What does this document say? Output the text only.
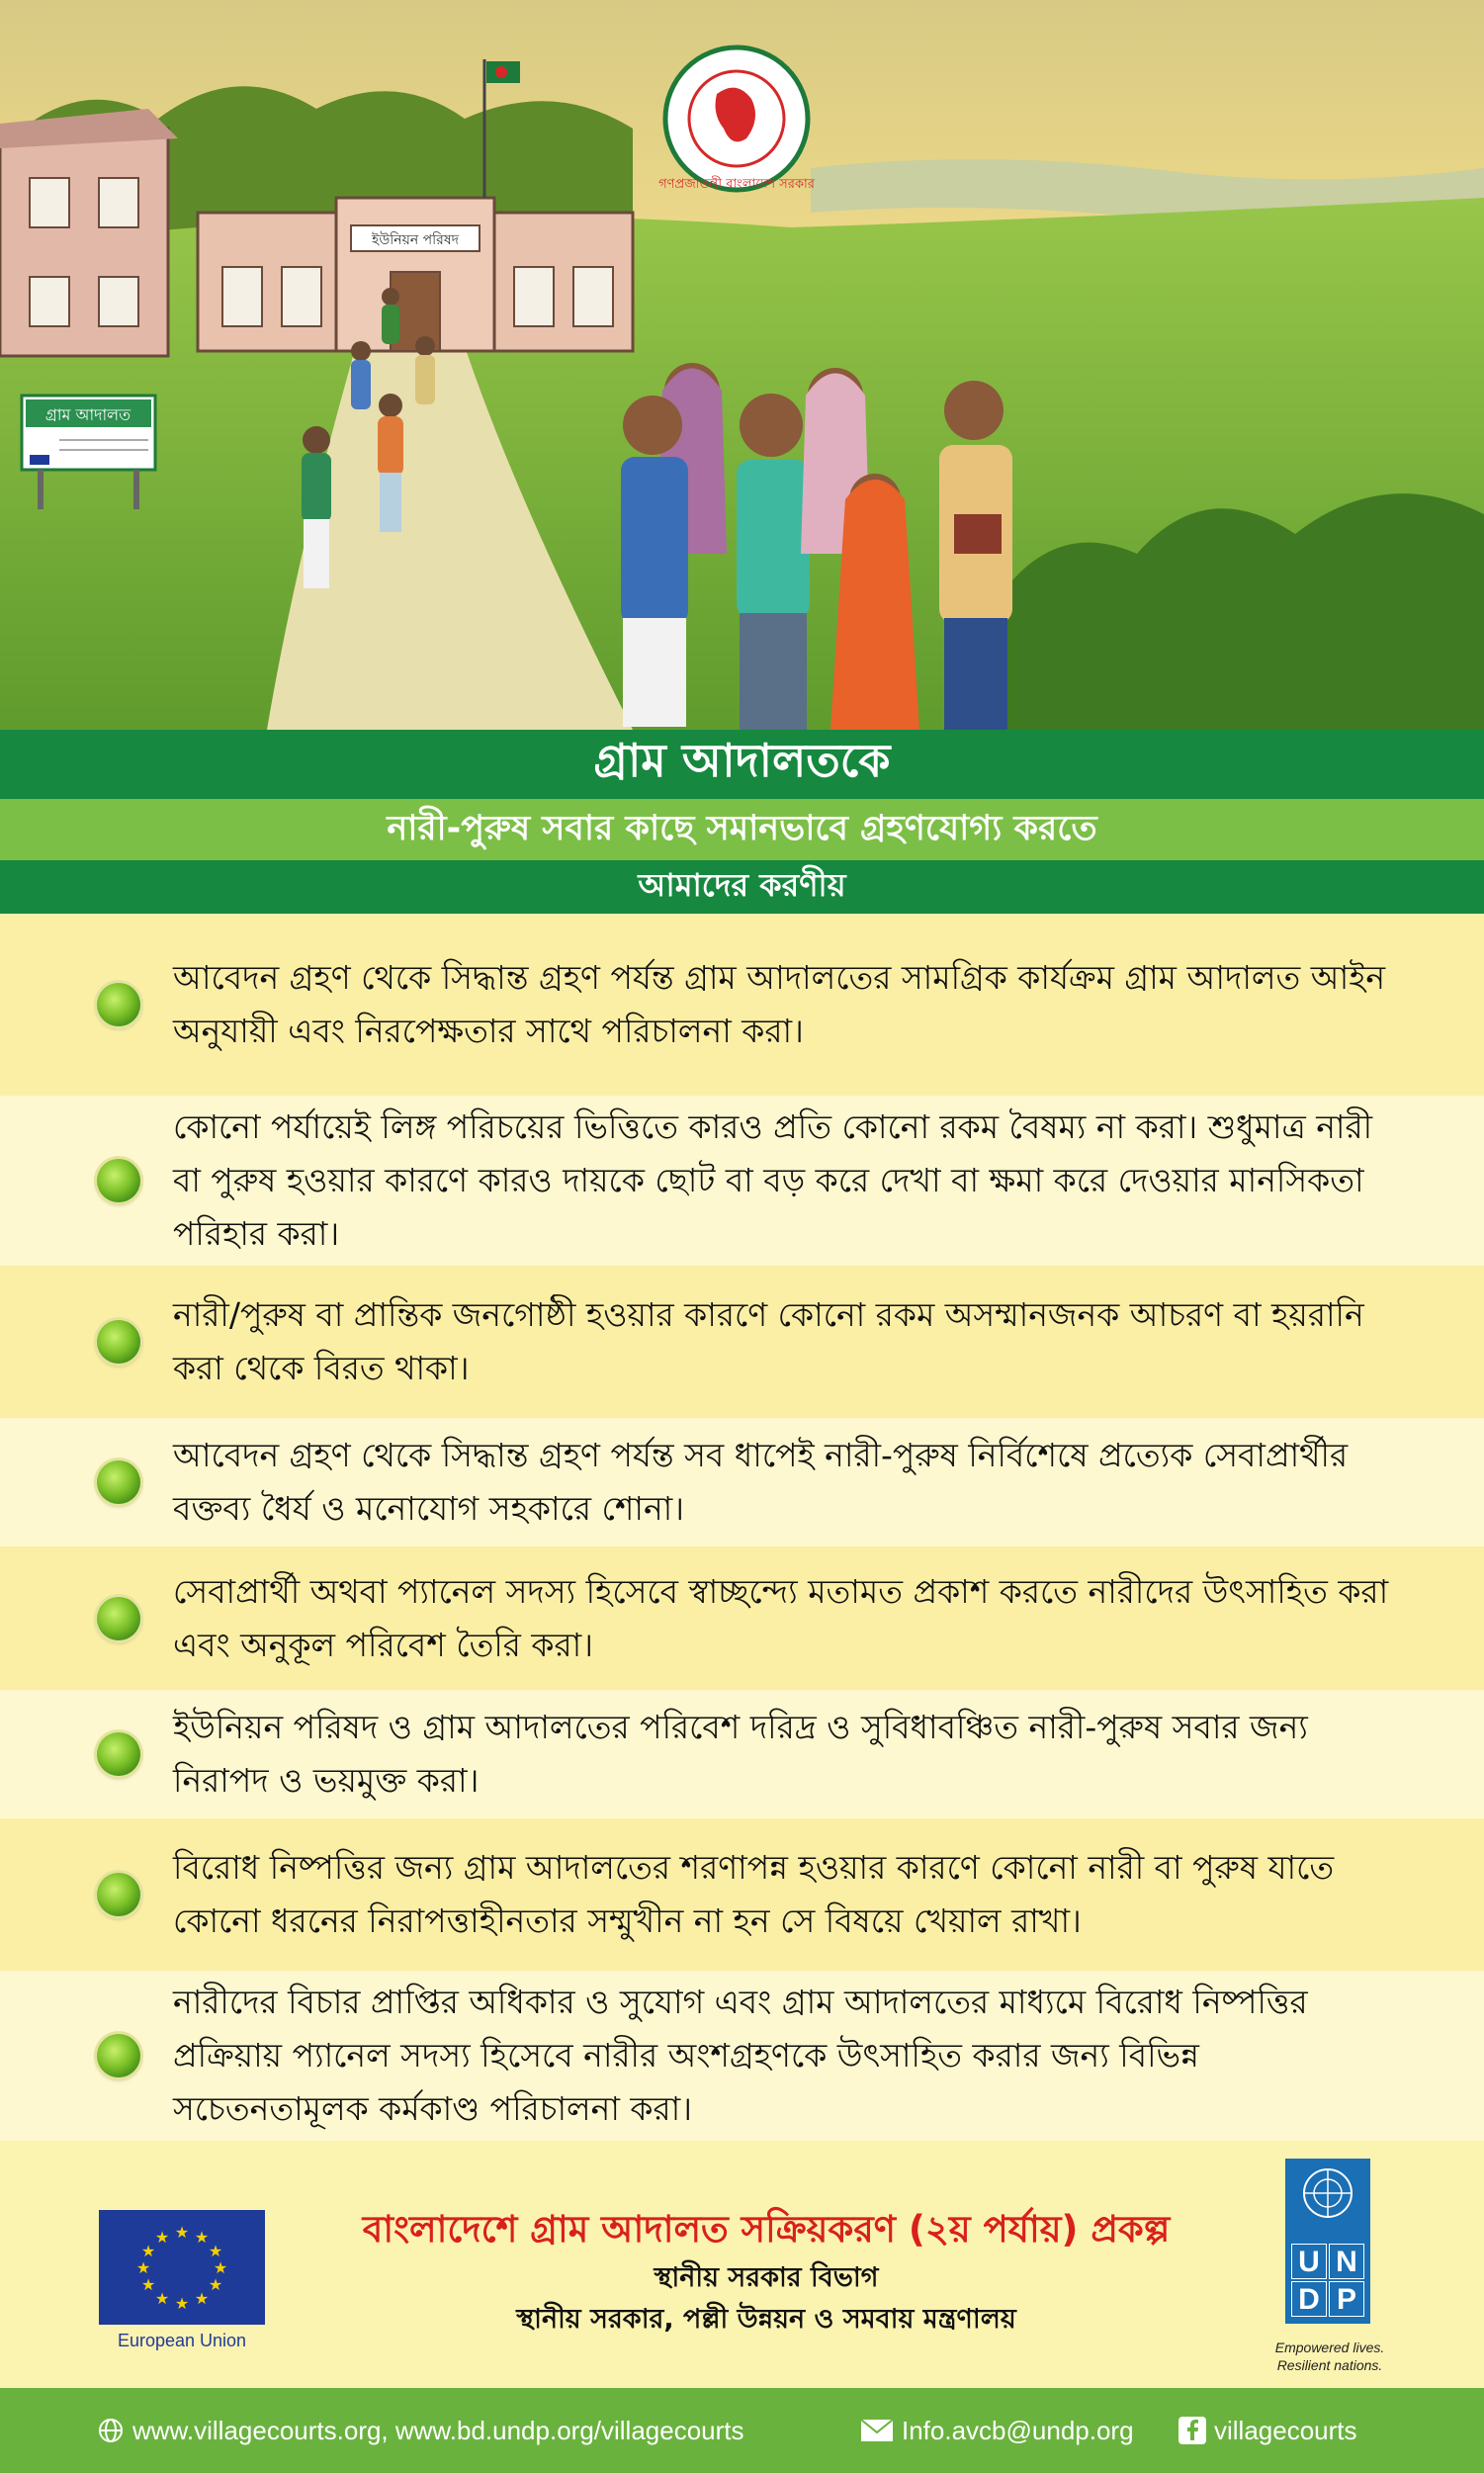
ইউনিয়ন পরিষদ
গণপ্রজাতন্ত্রী বাংলাদেশ সরকার
গ্রাম আদালত
গ্রাম আদালতকে
নারী-পুরুষ সবার কাছে সমানভাবে গ্রহণযোগ্য করতে
আমাদের করণীয়
আবেদন গ্রহণ থেকে সিদ্ধান্ত গ্রহণ পর্যন্ত গ্রাম আদালতের সামগ্রিক কার্যক্রম গ্রাম আদালত আইন অনুযায়ী এবং নিরপেক্ষতার সাথে পরিচালনা করা।
কোনো পর্যায়েই লিঙ্গ পরিচয়ের ভিত্তিতে কারও প্রতি কোনো রকম বৈষম্য না করা। শুধুমাত্র নারী বা পুরুষ হওয়ার কারণে কারও দায়কে ছোট বা বড় করে দেখা বা ক্ষমা করে দেওয়ার মানসিকতা পরিহার করা।
নারী/পুরুষ বা প্রান্তিক জনগোষ্ঠী হওয়ার কারণে কোনো রকম অসম্মানজনক আচরণ বা হয়রানি করা থেকে বিরত থাকা।
আবেদন গ্রহণ থেকে সিদ্ধান্ত গ্রহণ পর্যন্ত সব ধাপেই নারী-পুরুষ নির্বিশেষে প্রত্যেক সেবাপ্রার্থীর বক্তব্য ধৈর্য ও মনোযোগ সহকারে শোনা।
সেবাপ্রার্থী অথবা প্যানেল সদস্য হিসেবে স্বাচ্ছন্দ্যে মতামত প্রকাশ করতে নারীদের উৎসাহিত করা এবং অনুকূল পরিবেশ তৈরি করা।
ইউনিয়ন পরিষদ ও গ্রাম আদালতের পরিবেশ দরিদ্র ও সুবিধাবঞ্চিত নারী-পুরুষ সবার জন্য নিরাপদ ও ভয়মুক্ত করা।
বিরোধ নিষ্পত্তির জন্য গ্রাম আদালতের শরণাপন্ন হওয়ার কারণে কোনো নারী বা পুরুষ যাতে কোনো ধরনের নিরাপত্তাহীনতার সম্মুখীন না হন সে বিষয়ে খেয়াল রাখা।
নারীদের বিচার প্রাপ্তির অধিকার ও সুযোগ এবং গ্রাম আদালতের মাধ্যমে বিরোধ নিষ্পত্তির প্রক্রিয়ায় প্যানেল সদস্য হিসেবে নারীর অংশগ্রহণকে উৎসাহিত করার জন্য বিভিন্ন সচেতনতামূলক কর্মকাণ্ড পরিচালনা করা।
★ ★
★
★
★
★
★
★
★
★
★
★
European Union
বাংলাদেশে গ্রাম আদালত সক্রিয়করণ (২য় পর্যায়) প্রকল্প
স্থানীয় সরকার বিভাগ
স্থানীয় সরকার, পল্লী উন্নয়ন ও সমবায় মন্ত্রণালয়
U N
D P
Empowered lives.
Resilient nations.
www.villagecourts.org, www.bd.undp.org/villagecourts	Info.avcb@undp.org	villagecourts
